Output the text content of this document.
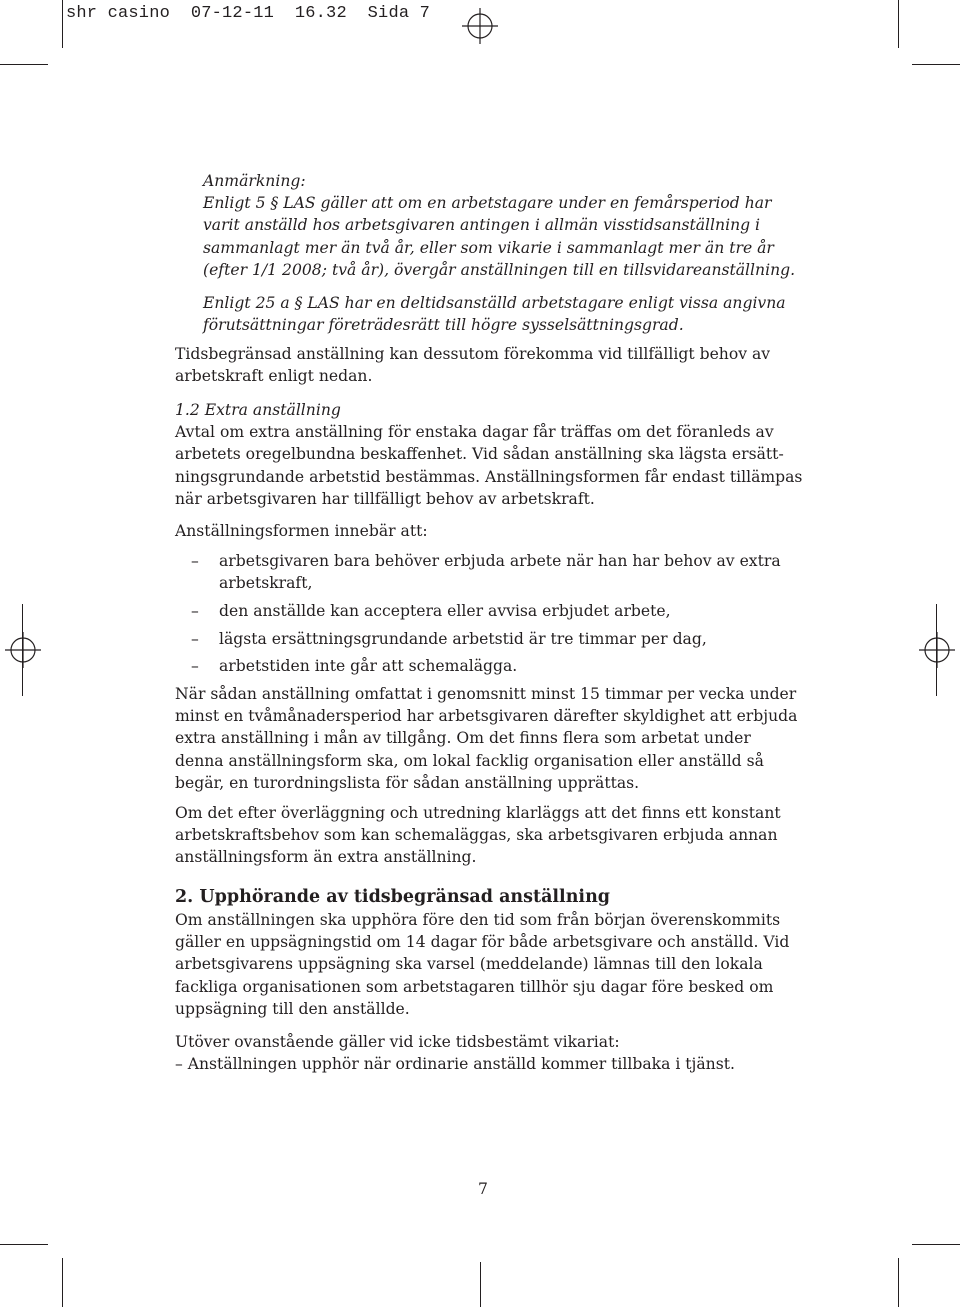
shr casino  07-12-11  16.32  Sida 7
Anmärkning:
Enligt 5 § LAS gäller att om en arbetstagare under en femårsperiod har
varit anställd hos arbetsgivaren antingen i allmän visstidsanställning i
sammanlagt mer än två år, eller som vikarie i sammanlagt mer än tre år
(efter 1/1 2008; två år), övergår anställningen till en tillsvidareanställning.
Enligt 25 a § LAS har en deltidsanställd arbetstagare enligt vissa angivna
förutsättningar företrädesrätt till högre sysselsättningsgrad.
Tidsbegränsad anställning kan dessutom förekomma vid tillfälligt behov av
arbetskraft enligt nedan.
1.2 Extra anställning
Avtal om extra anställning för enstaka dagar får träffas om det föranleds av
arbetets oregelbundna beskaffenhet. Vid sådan anställning ska lägsta ersätt-
ningsgrundande arbetstid bestämmas. Anställningsformen får endast tillämpas
när arbetsgivaren har tillfälligt behov av arbetskraft.
Anställningsformen innebär att:
– arbetsgivaren bara behöver erbjuda arbete när han har behov av extra
arbetskraft,
– den anställde kan acceptera eller avvisa erbjudet arbete,
– lägsta ersättningsgrundande arbetstid är tre timmar per dag,
– arbetstiden inte går att schemalägga.
När sådan anställning omfattat i genomsnitt minst 15 timmar per vecka under
minst en tvåmånadersperiod har arbetsgivaren därefter skyldighet att erbjuda
extra anställning i mån av tillgång. Om det finns flera som arbetat under
denna anställningsform ska, om lokal facklig organisation eller anställd så
begär, en turordningslista för sådan anställning upprättas.
Om det efter överläggning och utredning klarläggs att det finns ett konstant
arbetskraftsbehov som kan schemaläggas, ska arbetsgivaren erbjuda annan
anställningsform än extra anställning.
2. Upphörande av tidsbegränsad anställning
Om anställningen ska upphöra före den tid som från början överenskommits
gäller en uppsägningstid om 14 dagar för både arbetsgivare och anställd. Vid
arbetsgivarens uppsägning ska varsel (meddelande) lämnas till den lokala
fackliga organisationen som arbetstagaren tillhör sju dagar före besked om
uppsägning till den anställde.
Utöver ovanstående gäller vid icke tidsbestämt vikariat:
– Anställningen upphör när ordinarie anställd kommer tillbaka i tjänst.
7
